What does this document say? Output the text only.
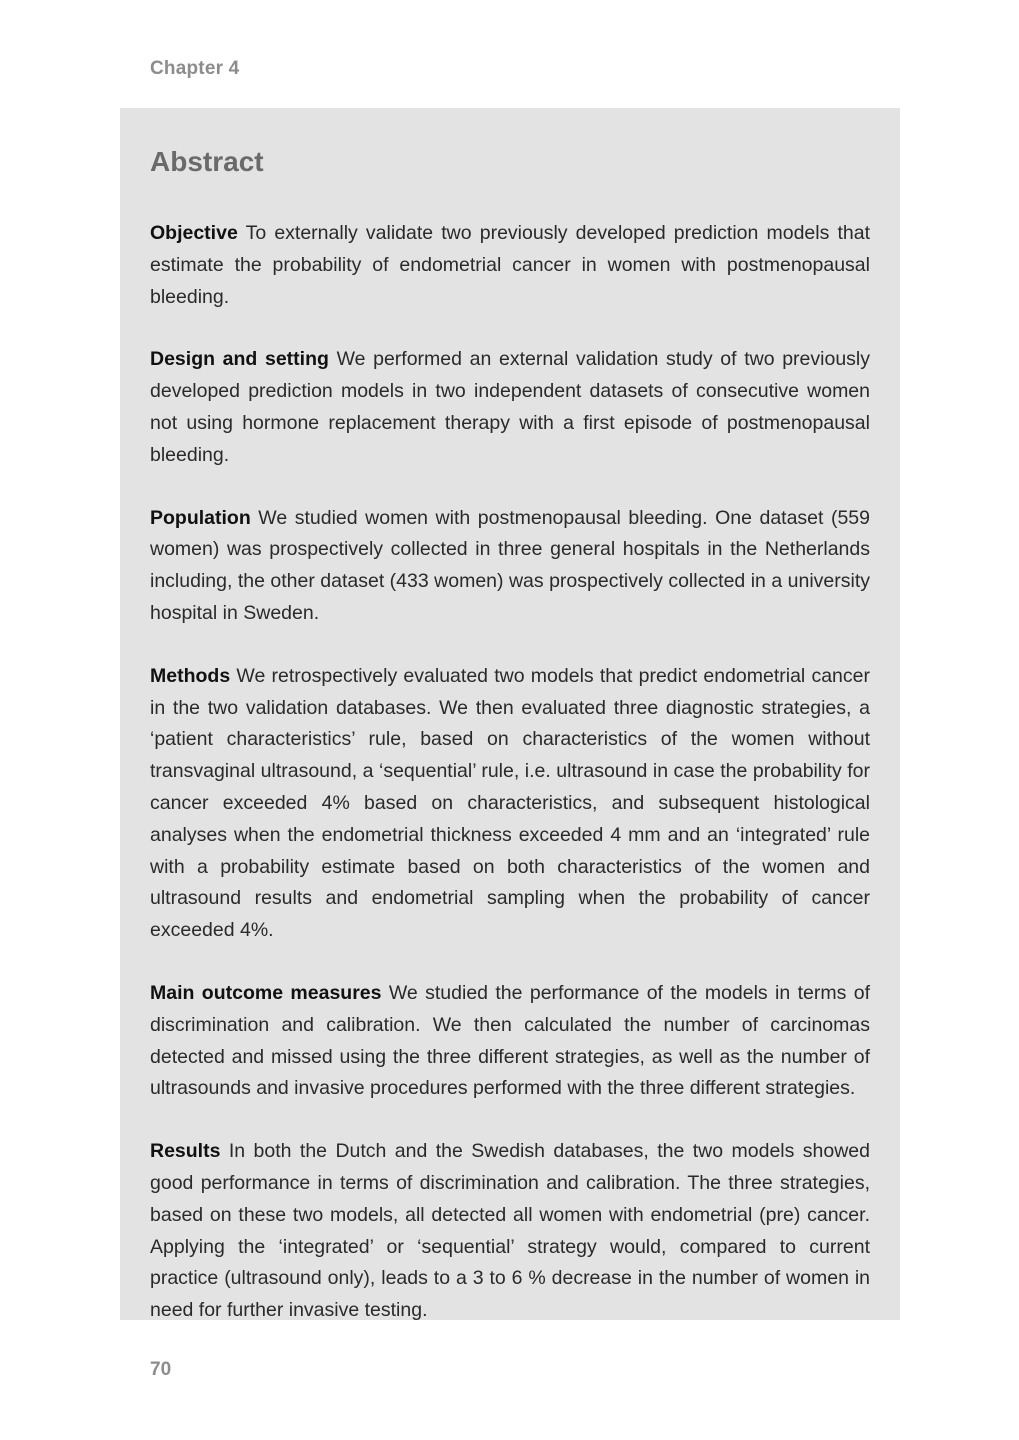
Chapter 4
Abstract

Objective To externally validate two previously developed prediction models that estimate the probability of endometrial cancer in women with postmenopausal bleeding.

Design and setting We performed an external validation study of two previously developed prediction models in two independent datasets of consecutive women not using hormone replacement therapy with a first episode of postmenopausal bleeding.

Population We studied women with postmenopausal bleeding. One dataset (559 women) was prospectively collected in three general hospitals in the Netherlands including, the other dataset (433 women) was prospectively collected in a university hospital in Sweden.

Methods We retrospectively evaluated two models that predict endometrial cancer in the two validation databases. We then evaluated three diagnostic strategies, a ‘patient characteristics’ rule, based on characteristics of the women without transvaginal ultrasound, a ‘sequential’ rule, i.e. ultrasound in case the probability for cancer exceeded 4% based on characteristics, and subsequent histological analyses when the endometrial thickness exceeded 4 mm and an ‘integrated’ rule with a probability estimate based on both characteristics of the women and ultrasound results and endometrial sampling when the probability of cancer exceeded 4%.

Main outcome measures We studied the performance of the models in terms of discrimination and calibration. We then calculated the number of carcinomas detected and missed using the three different strategies, as well as the number of ultrasounds and invasive procedures performed with the three different strategies.

Results In both the Dutch and the Swedish databases, the two models showed good performance in terms of discrimination and calibration. The three strategies, based on these two models, all detected all women with endometrial (pre) cancer. Applying the ‘integrated’ or ‘sequential’ strategy would, compared to current practice (ultrasound only), leads to a 3 to 6 % decrease in the number of women in need for further invasive testing.

70
